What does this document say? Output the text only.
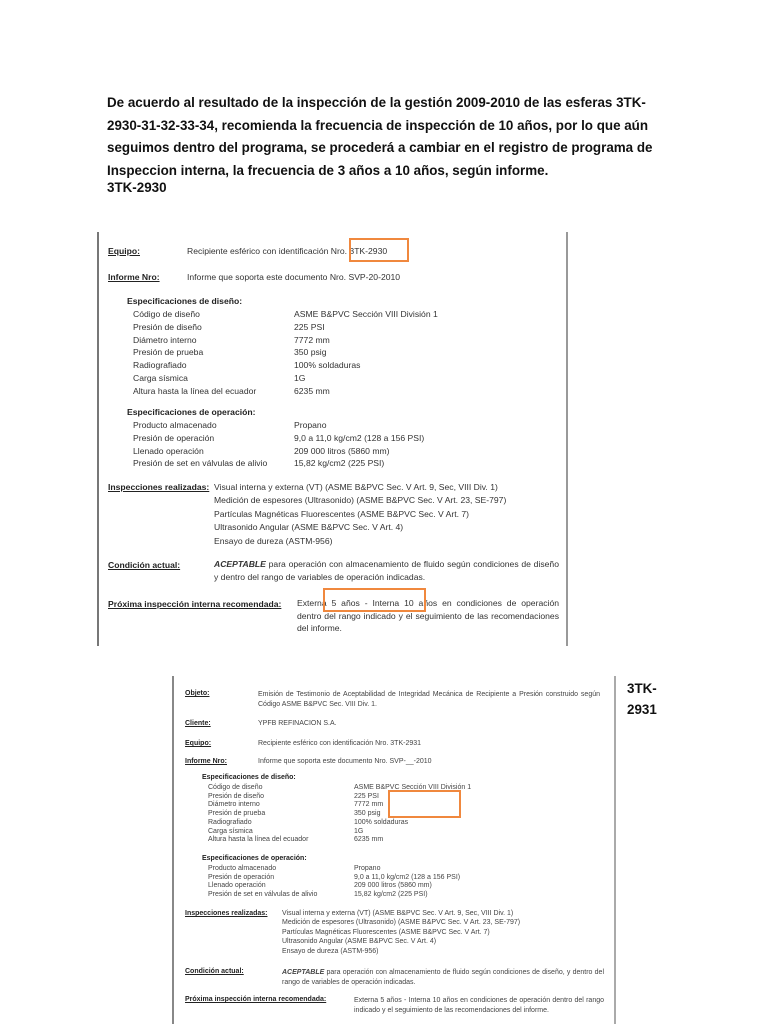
De acuerdo al resultado de la inspección de la gestión 2009-2010 de las esferas 3TK-2930-31-32-33-34, recomienda la frecuencia de inspección de 10 años, por lo que aún seguimos dentro del programa, se procederá a cambiar en el registro de programa de Inspeccion interna, la frecuencia de 3 años a 10 años, según informe.
3TK-2930
Equipo:	Recipiente esférico con identificación Nro. 3TK-2930
Informe Nro:	Informe que soporta este documento Nro. SVP-20-2010
Especificaciones de diseño:
Código de diseño	ASME B&PVC Sección VIII División 1
Presión de diseño	225 PSI
Diámetro interno	7772 mm
Presión de prueba	350 psig
Radiografiado	100% soldaduras
Carga sísmica	1G
Altura hasta la línea del ecuador	6235 mm
Especificaciones de operación:
Producto almacenado	Propano
Presión de operación	9,0 a 11,0 kg/cm2 (128 a 156 PSI)
Llenado operación	209 000 litros (5860 mm)
Presión de set en válvulas de alivio	15,82 kg/cm2 (225 PSI)
Inspecciones realizadas: Visual interna y externa (VT) (ASME B&PVC Sec. V Art. 9, Sec, VIII Div. 1)
Medición de espesores (Ultrasonido) (ASME B&PVC Sec. V Art. 23, SE-797)
Partículas Magnéticas Fluorescentes (ASME B&PVC Sec. V Art. 7)
Ultrasonido Angular (ASME B&PVC Sec. V Art. 4)
Ensayo de dureza (ASTM-956)
Condición actual:	ACEPTABLE para operación con almacenamiento de fluido según condiciones de diseño y dentro del rango de variables de operación indicadas.
Próxima inspección interna recomendada: Externa 5 años - Interna 10 años en condiciones de operación dentro del rango indicado y el seguimiento de las recomendaciones del informe.
3TK-2931
Objeto:	Emisión de Testimonio de Aceptabilidad de Integridad Mecánica de Recipiente a Presión construido según Código ASME B&PVC Sec. VIII Div. 1.
Cliente:	YPFB REFINACION S.A.
Equipo:	Recipiente esférico con identificación Nro. 3TK-2931
Informe Nro:	Informe que soporta este documento Nro. SVP-__-2010
Especificaciones de diseño:
Código de diseño	ASME B&PVC Sección VIII División 1
Presión de diseño	225 PSI
Diámetro interno	7772 mm
Presión de prueba	350 psig
Radiografiado	100% soldaduras
Carga sísmica	1G
Altura hasta la línea del ecuador	6235 mm
Especificaciones de operación:
Producto almacenado	Propano
Presión de operación	9,0 a 11,0 kg/cm2 (128 a 156 PSI)
Llenado operación	209 000 litros (5860 mm)
Presión de set en válvulas de alivio	15,82 kg/cm2 (225 PSI)
Inspecciones realizadas: Visual interna y externa (VT) (ASME B&PVC Sec. V Art. 9, Sec, VIII Div. 1)
Medición de espesores (Ultrasonido) (ASME B&PVC Sec. V Art. 23, SE-797)
Partículas Magnéticas Fluorescentes (ASME B&PVC Sec. V Art. 7)
Ultrasonido Angular (ASME B&PVC Sec. V Art. 4)
Ensayo de dureza (ASTM-956)
Condición actual:	ACEPTABLE para operación con almacenamiento de fluido según condiciones de diseño, y dentro del rango de variables de operación indicadas.
Próxima inspección interna recomendada:	Externa 5 años - Interna 10 años en condiciones de operación dentro del rango indicado y el seguimiento de las recomendaciones del informe.
